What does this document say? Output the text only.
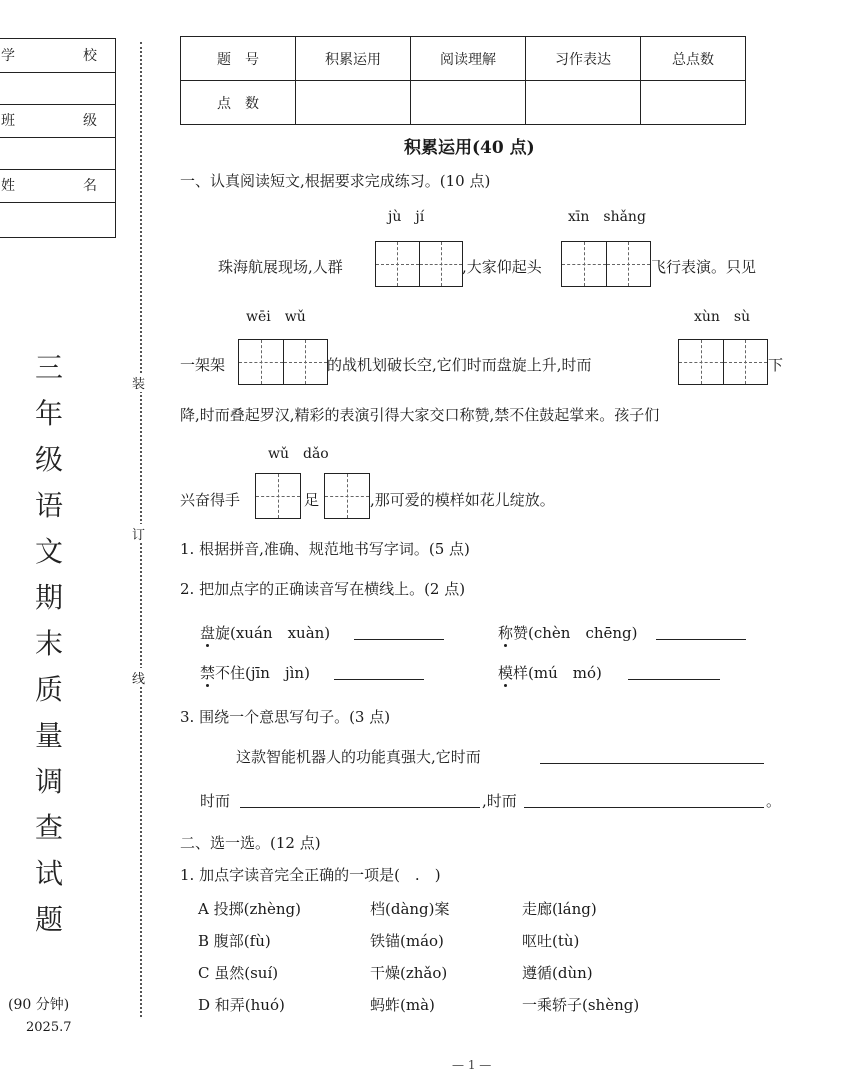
学	校
班	级
姓	名
三
年
级
语
文
期
末
质
量
调
查
试
题
(90 分钟)
2025.7
装
订
线
题　号	积累运用	阅读理解	习作表达	总点数
点　数				
积累运用(40 点)
一、认真阅读短文,根据要求完成练习。(10 点)
jù　jí	xīn　shǎng
珠海航展现场,人群	,大家仰起头	飞行表演。只见
wēi　wǔ	xùn　sù
一架架	的战机划破长空,它们时而盘旋上升,时而	下
降,时而叠起罗汉,精彩的表演引得大家交口称赞,禁不住鼓起掌来。孩子们
wǔ　dǎo
兴奋得手	足	,那可爱的模样如花儿绽放。
1. 根据拼音,准确、规范地书写字词。(5 点)
2. 把加点字的正确读音写在横线上。(2 点)
盘旋(xuán　xuàn)	称赞(chèn　chēng)
禁不住(jīn　jìn)	模样(mú　mó)
3. 围绕一个意思写句子。(3 点)
这款智能机器人的功能真强大,它时而
时而	,时而	。
二、选一选。(12 点)
1. 加点字读音完全正确的一项是(　.　)
A 投掷(zhèng)	档(dàng)案	走廊(láng)
B 腹部(fù)	铁锚(máo)	呕吐(tù)
C 虽然(suí)	干燥(zhǎo)	遵循(dùn)
D 和弄(huó)	蚂蚱(mà)	一乘轿子(shèng)
— 1 —
